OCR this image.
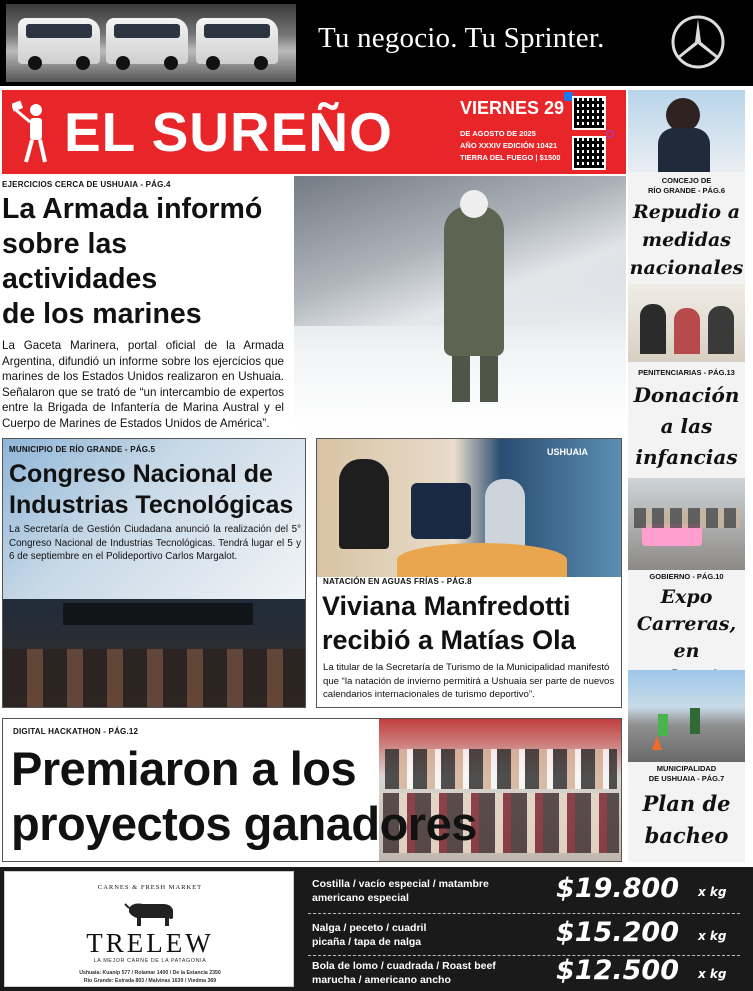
Tu negocio. Tu Sprinter.
EL SUREÑO	VIERNES 29
DE AGOSTO DE 2025
AÑO XXXIV EDICIÓN 10421
TIERRA DEL FUEGO | $1500
EJERCICIOS CERCA DE USHUAIA - PÁG.4
La Armada informó
sobre las actividades
de los marines
La Gaceta Marinera, portal oficial de la Armada Argentina, difundió un informe sobre los ejercicios que marines de los Estados Unidos realizaron en Ushuaia. Señalaron que se trató de “un intercambio de expertos entre la Brigada de Infantería de Marina Austral y el Cuerpo de Marines de Estados Unidos de América”.
CONCEJO DE
RÍO GRANDE - PÁG.6
Repudio a
medidas
nacionales
PENITENCIARIAS - PÁG.13
Donación
a las
infancias
GOBIERNO - PÁG.10
Expo
Carreras,
en
MUNICIPALIDAD
DE USHUAIA - PÁG.7
Plan de
bacheo
MUNICIPIO DE RÍO GRANDE - PÁG.5
Congreso Nacional de
Industrias Tecnológicas
La Secretaría de Gestión Ciudadana anunció la realización del 5° Congreso Nacional de Industrias Tecnológicas. Tendrá lugar el 5 y 6 de septiembre en el Polideportivo Carlos Margalot.
USHUAIA
NATACIÓN EN AGUAS FRÍAS - PÁG.8
Viviana Manfredotti
recibió a Matías Ola
La titular de la Secretaría de Turismo de la Municipalidad manifestó que “la natación de invierno permitirá a Ushuaia ser parte de nuevos calendarios internacionales de turismo deportivo”.
DIGITAL HACKATHON - PÁG.12
Premiaron a los
proyectos ganadores
CARNES & FRESH MARKET
TRELEW
LA MEJOR CARNE DE LA PATAGONIA
Ushuaia: Kuanip 577 / Rolamar 1400 / De la Estancia 2350
Río Grande: Estrada 803 / Malvinas 1639 / Viedma 369
Costilla / vacío especial / matambre
americano especial	$19.800 x kg
Nalga / peceto / cuadril
picaña / tapa de nalga	$15.200 x kg
Bola de lomo / cuadrada / Roast beef
marucha / americano ancho	$12.500 x kg
